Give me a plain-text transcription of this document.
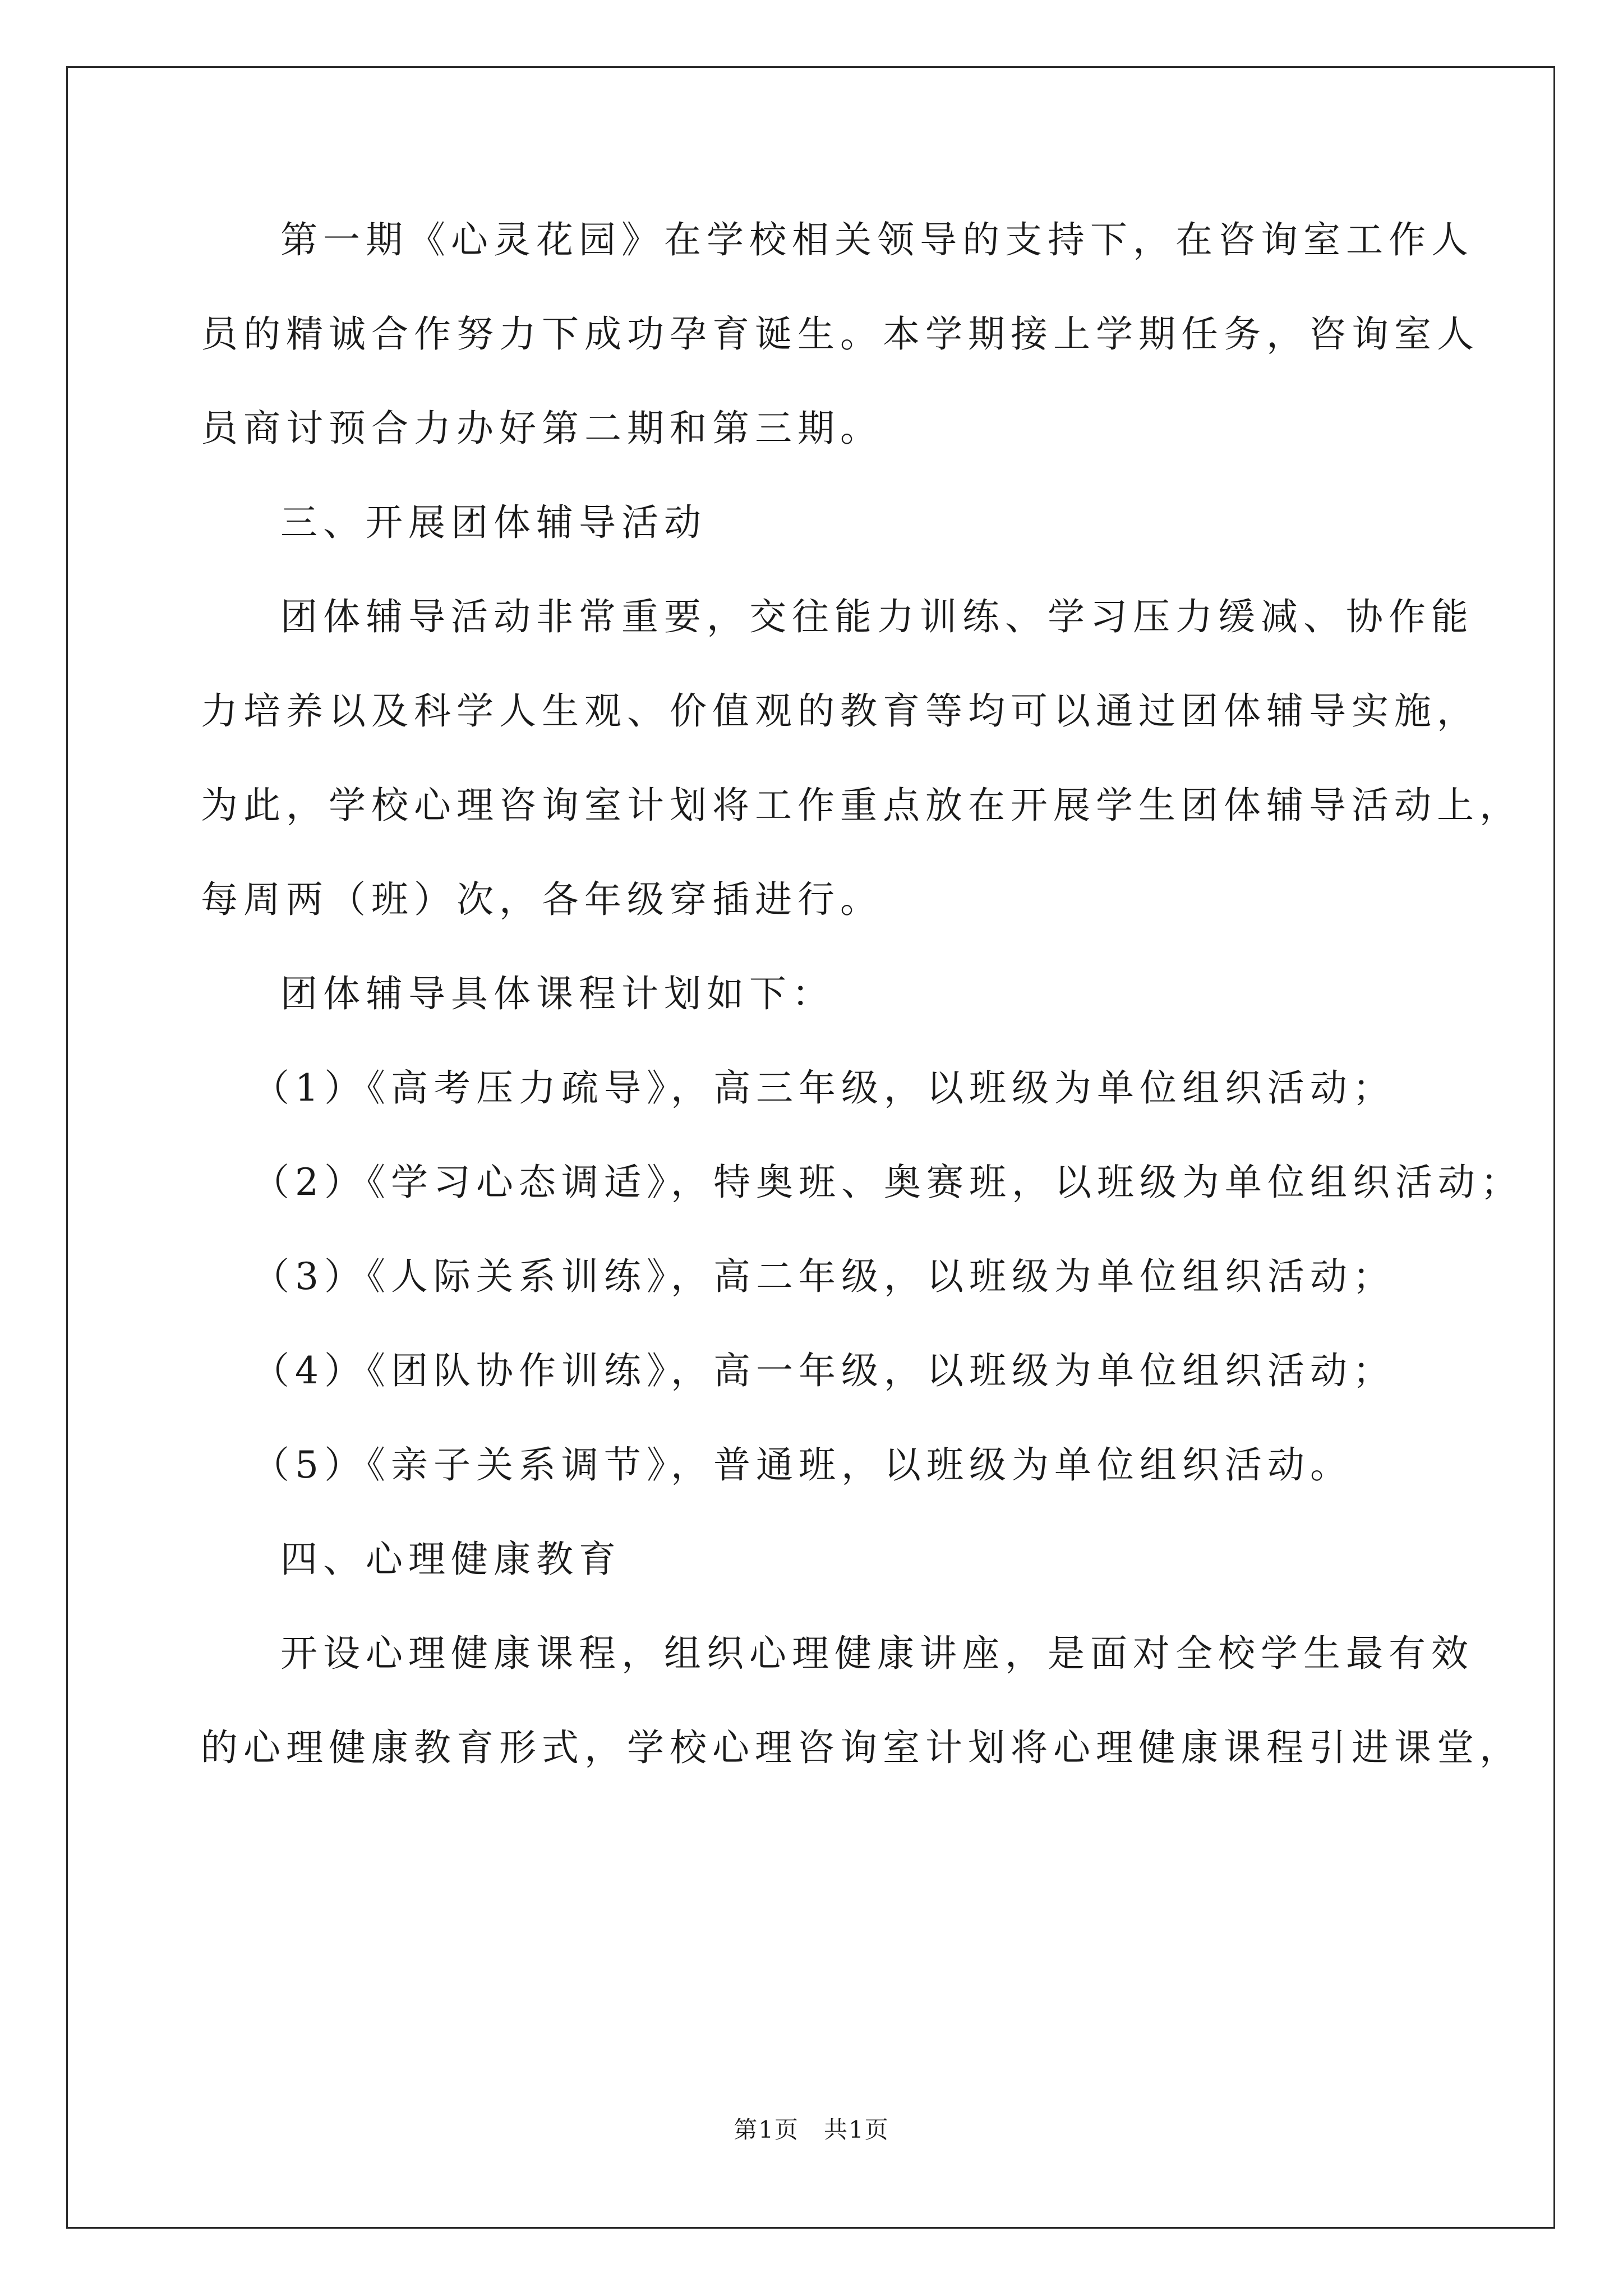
第一期《心灵花园》在学校相关领导的支持下，在咨询室工作人
员的精诚合作努力下成功孕育诞生。本学期接上学期任务，咨询室人
员商讨预合力办好第二期和第三期。
三、开展团体辅导活动
团体辅导活动非常重要，交往能力训练、学习压力缓减、协作能
力培养以及科学人生观、价值观的教育等均可以通过团体辅导实施，
为此，学校心理咨询室计划将工作重点放在开展学生团体辅导活动上，
每周两（班）次，各年级穿插进行。
团体辅导具体课程计划如下：
（1）《高考压力疏导》，高三年级，以班级为单位组织活动；
（2）《学习心态调适》，特奥班、奥赛班，以班级为单位组织活动；
（3）《人际关系训练》，高二年级，以班级为单位组织活动；
（4）《团队协作训练》，高一年级，以班级为单位组织活动；
（5）《亲子关系调节》，普通班，以班级为单位组织活动。
四、心理健康教育
开设心理健康课程，组织心理健康讲座，是面对全校学生最有效
的心理健康教育形式，学校心理咨询室计划将心理健康课程引进课堂，
第1页　共1页
